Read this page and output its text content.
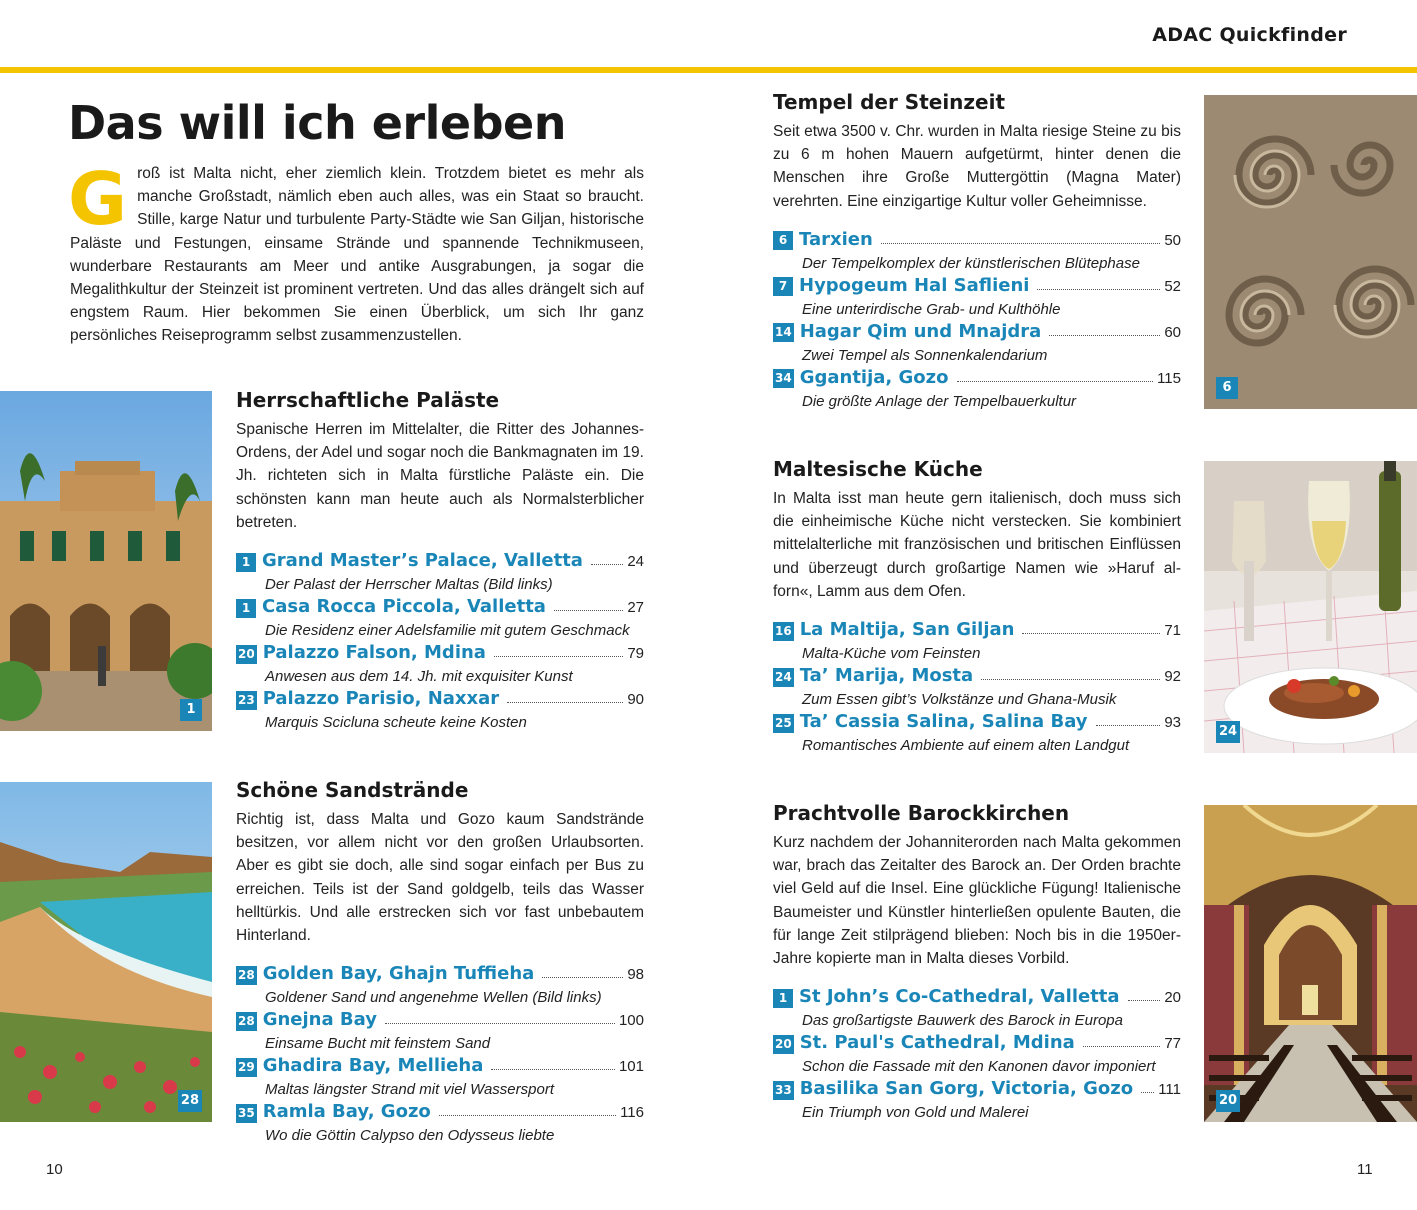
ADAC Quickfinder
Das will ich erleben
Groß ist Malta nicht, eher ziemlich klein. Trotzdem bietet es mehr als manche Großstadt, nämlich eben auch alles, was ein Staat so braucht. Stille, karge Natur und turbulente Party-Städte wie San Giljan, historische Paläste und Festungen, einsame Strände und spannende Technikmuseen, wunderbare Restaurants am Meer und antike Ausgrabungen, ja sogar die Megalithkultur der Steinzeit ist prominent vertreten. Und das alles drängelt sich auf engstem Raum. Hier bekommen Sie einen Überblick, um sich Ihr ganz persönliches Reiseprogramm selbst zusammenzustellen.
1
28
6
24
20
Herrschaftliche Paläste

Spanische Herren im Mittelalter, die Ritter des Johannes-Ordens, der Adel und sogar noch die Bankmagnaten im 19. Jh. richteten sich in Malta fürstliche Paläste ein. Die schönsten kann man heute auch als Normalsterblicher betreten.

1 Grand Master’s Palace, Valletta	24
Der Palast der Herrscher Maltas (Bild links)
1 Casa Rocca Piccola, Valletta	27
Die Residenz einer Adelsfamilie mit gutem Geschmack
20 Palazzo Falson, Mdina	79
Anwesen aus dem 14. Jh. mit exquisiter Kunst
23 Palazzo Parisio, Naxxar	90
Marquis Scicluna scheute keine Kosten
Schöne Sandstrände

Richtig ist, dass Malta und Gozo kaum Sandstrände besitzen, vor allem nicht vor den großen Urlaubsorten. Aber es gibt sie doch, alle sind sogar einfach per Bus zu erreichen. Teils ist der Sand goldgelb, teils das Wasser helltürkis. Und alle erstrecken sich vor fast unbebautem Hinterland.

28 Golden Bay, Ghajn Tuffieha	98
Goldener Sand und angenehme Wellen (Bild links)
28 Gnejna Bay	100
Einsame Bucht mit feinstem Sand
29 Ghadira Bay, Mellieha	101
Maltas längster Strand mit viel Wassersport
35 Ramla Bay, Gozo	116
Wo die Göttin Calypso den Odysseus liebte
Tempel der Steinzeit

Seit etwa 3500 v. Chr. wurden in Malta riesige Steine zu bis zu 6 m hohen Mauern aufgetürmt, hinter denen die Menschen ihre Große Muttergöttin (Magna Mater) verehrten. Eine einzigartige Kultur voller Geheimnisse.

6 Tarxien	50
Der Tempelkomplex der künstlerischen Blütephase
7 Hypogeum Hal Saflieni	52
Eine unterirdische Grab- und Kulthöhle
14 Hagar Qim und Mnajdra	60
Zwei Tempel als Sonnenkalendarium
34 Ggantija, Gozo	115
Die größte Anlage der Tempelbauerkultur
Maltesische Küche

In Malta isst man heute gern italienisch, doch muss sich die einheimische Küche nicht verstecken. Sie kombiniert mittelalterliche mit französischen und britischen Einflüssen und überzeugt durch großartige Namen wie »Haruf al-forn«, Lamm aus dem Ofen.

16 La Maltija, San Giljan	71
Malta-Küche vom Feinsten
24 Ta’ Marija, Mosta	92
Zum Essen gibt’s Volkstänze und Ghana-Musik
25 Ta’ Cassia Salina, Salina Bay	93
Romantisches Ambiente auf einem alten Landgut
Prachtvolle Barockkirchen

Kurz nachdem der Johanniterorden nach Malta gekommen war, brach das Zeitalter des Barock an. Der Orden brachte viel Geld auf die Insel. Eine glückliche Fügung! Italienische Baumeister und Künstler hinterließen opulente Bauten, die für lange Zeit stilprägend blieben: Noch bis in die 1950er-Jahre kopierte man in Malta dieses Vorbild.

1 St John’s Co-Cathedral, Valletta	20
Das großartigste Bauwerk des Barock in Europa
20 St. Paul's Cathedral, Mdina	77
Schon die Fassade mit den Kanonen davor imponiert
33 Basilika San Gorg, Victoria, Gozo 111
Ein Triumph von Gold und Malerei
10	11
